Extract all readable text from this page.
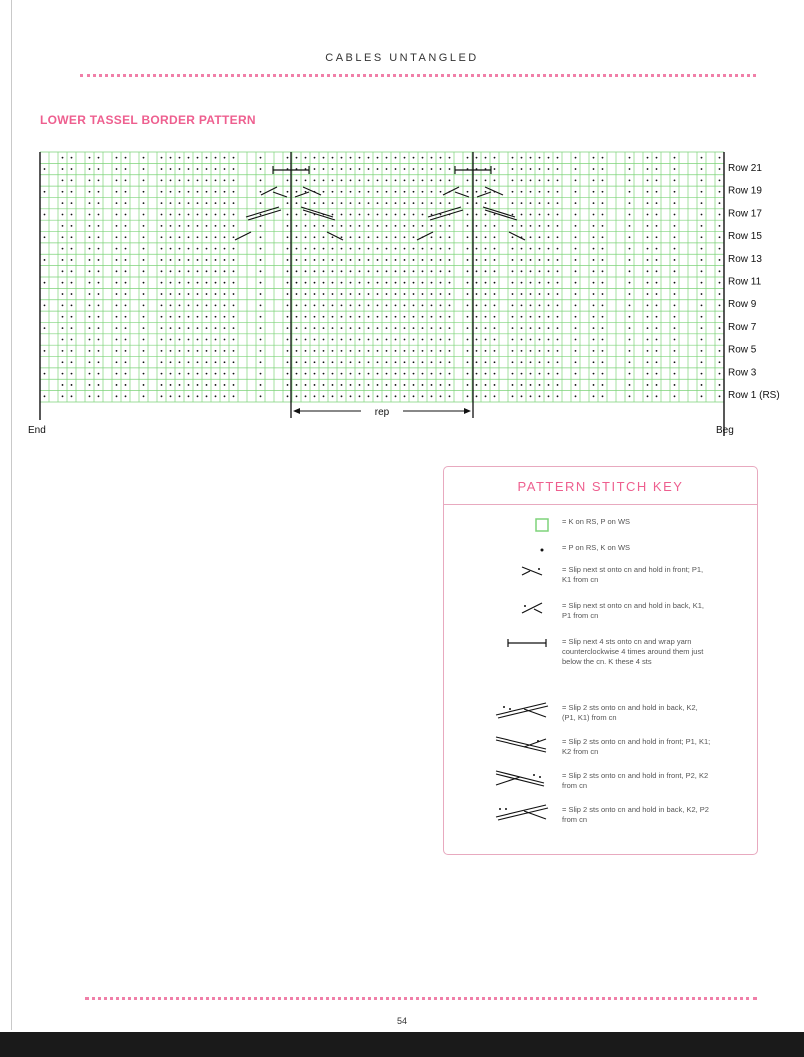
CABLES UNTANGLED
LOWER TASSEL BORDER PATTERN
rep
Row 21
Row 19
Row 17
Row 15
Row 13
Row 11
Row 9
Row 7
Row 5
Row 3
Row 1 (RS)
End	Beg
PATTERN STITCH KEY
= K on RS, P on WS
= P on RS, K on WS
= Slip next st onto cn and hold in front; P1, K1 from cn
= Slip next st onto cn and hold in back, K1, P1 from cn
= Slip next 4 sts onto cn and wrap yarn counterclockwise 4 times around them just below the cn. K these 4 sts
= Slip 2 sts onto cn and hold in back, K2, (P1, K1) from cn
= Slip 2 sts onto cn and hold in front; P1, K1; K2 from cn
= Slip 2 sts onto cn and hold in front, P2, K2 from cn
= Slip 2 sts onto cn and hold in back, K2, P2 from cn
54
